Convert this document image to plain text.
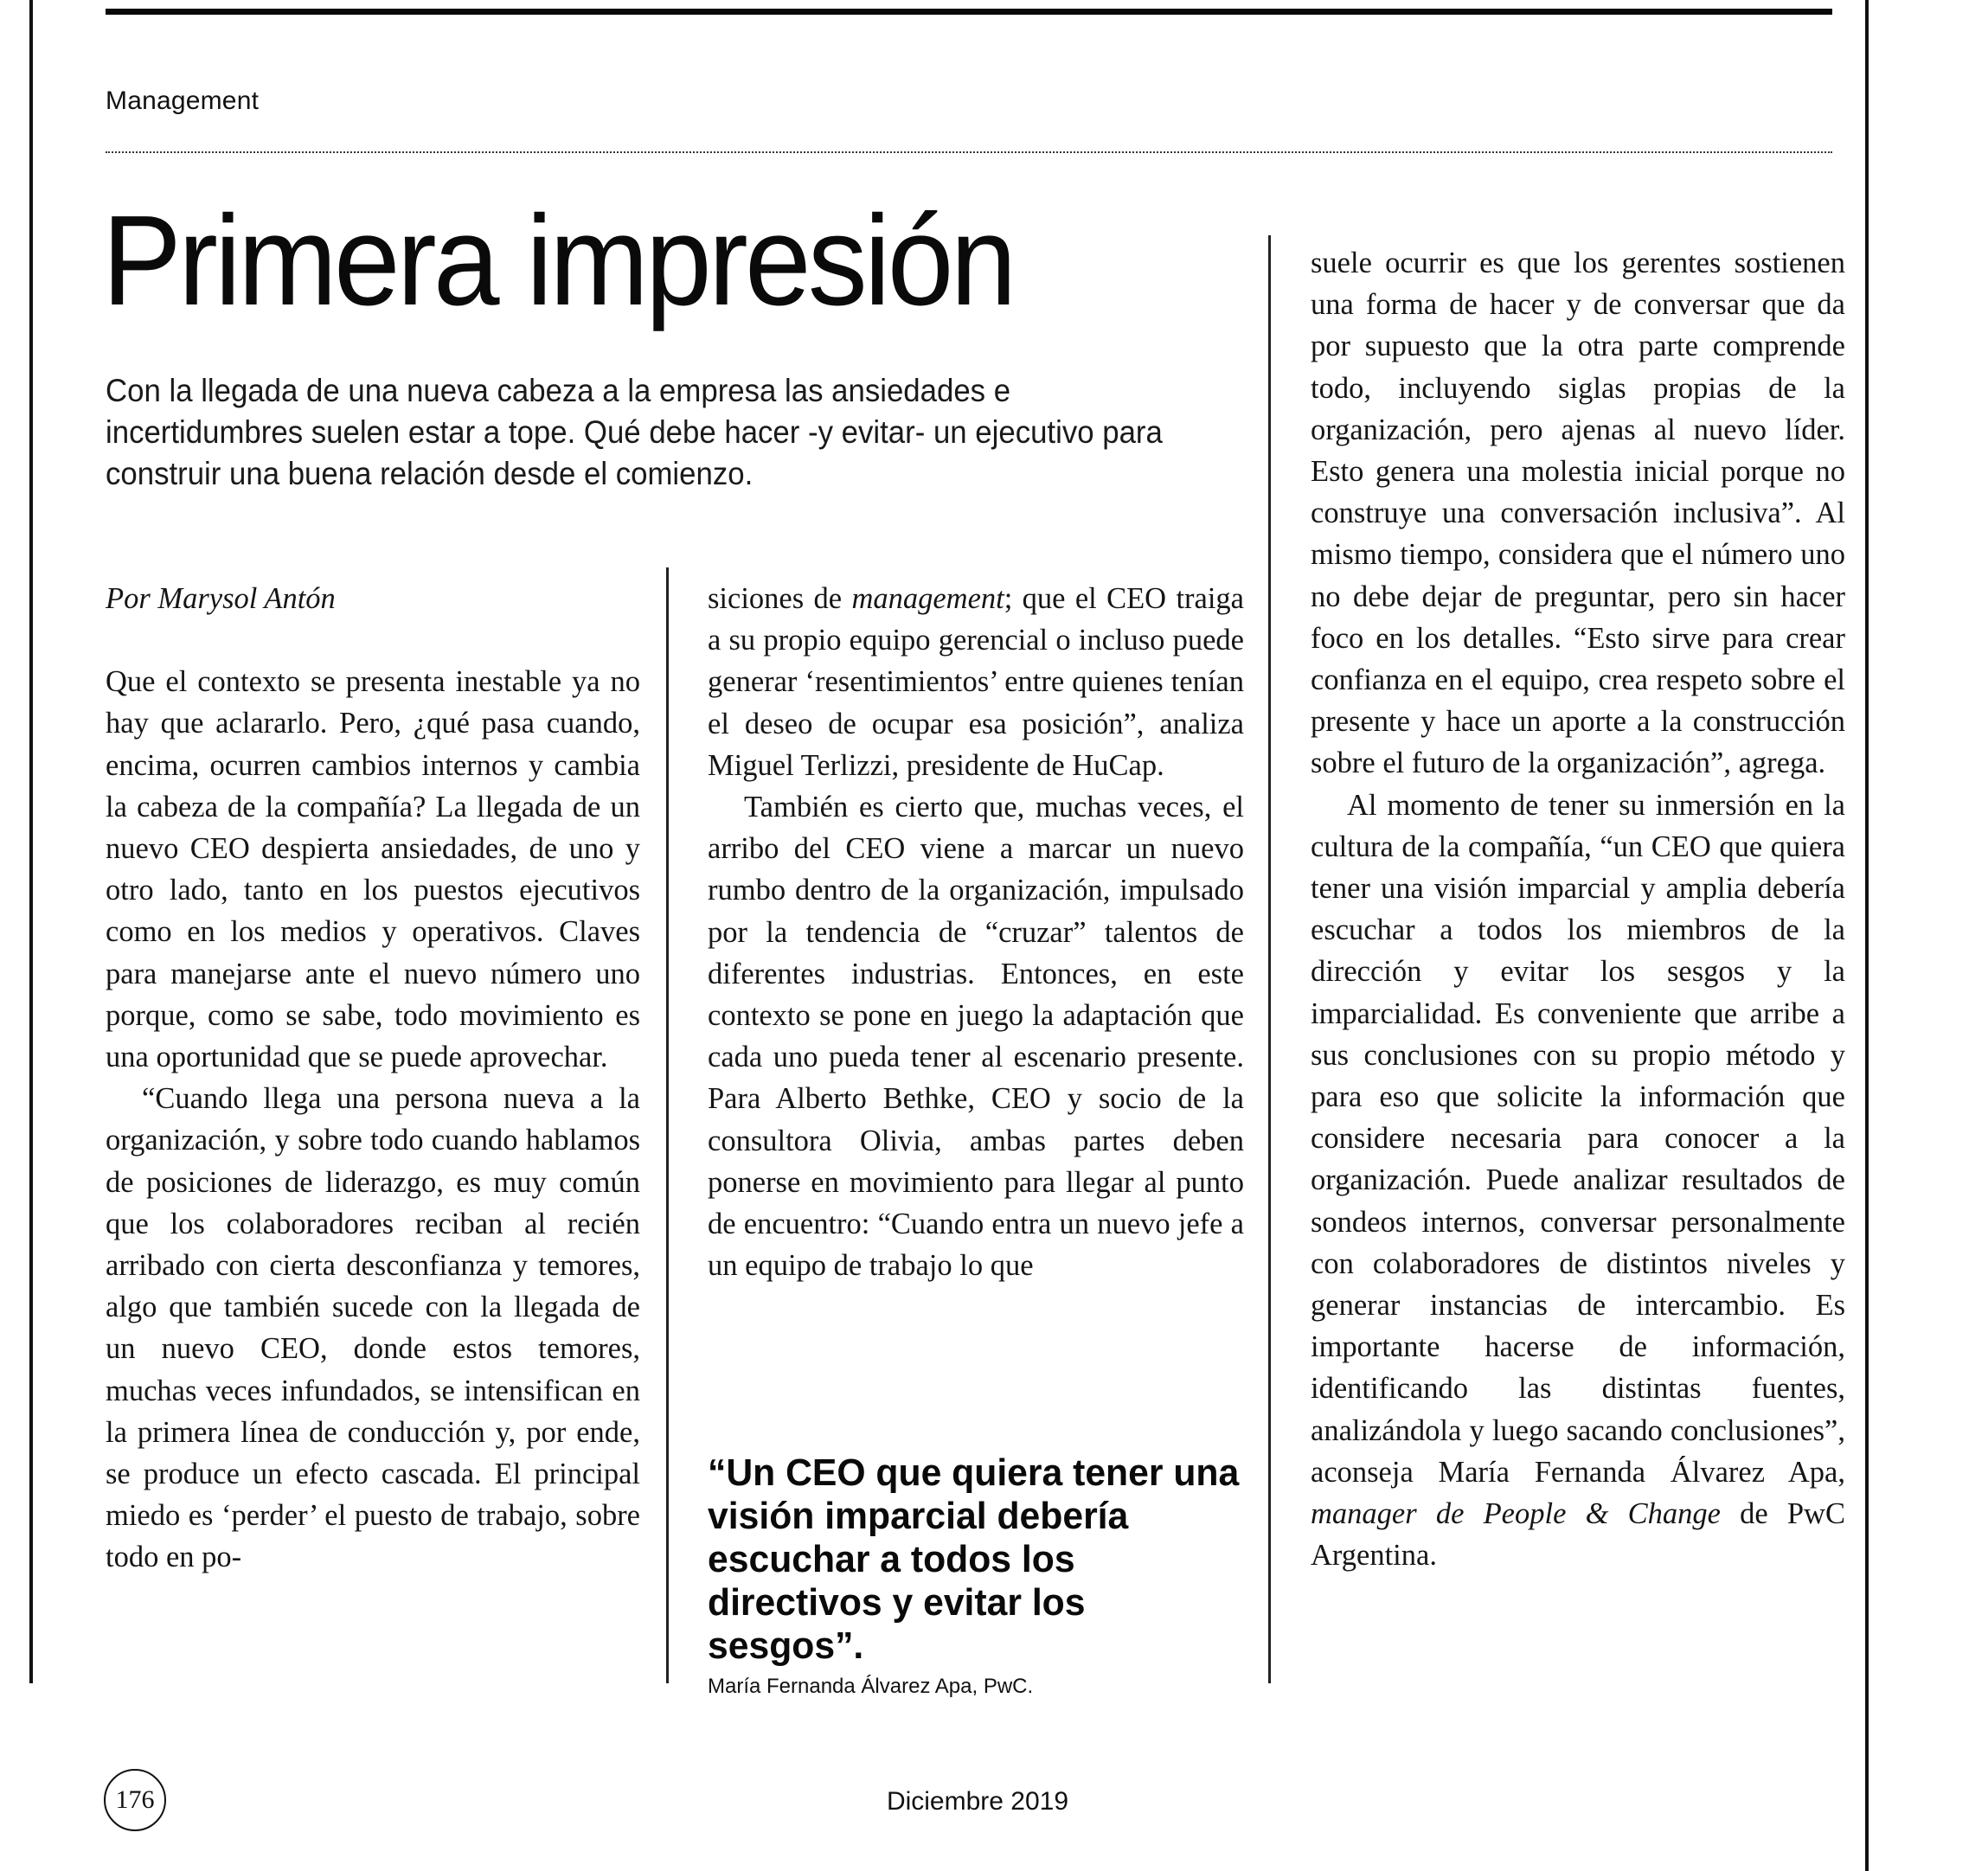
Management
Primera impresión

Con la llegada de una nueva cabeza a la empresa las ansiedades e incertidumbres suelen estar a tope. Qué debe hacer -y evitar- un ejecutivo para construir una buena relación desde el comienzo.

Por Marysol Antón

Que el contexto se presenta inestable ya no hay que aclararlo. Pero, ¿qué pasa cuando, encima, ocurren cambios internos y cambia la cabeza de la compañía? La llegada de un nuevo CEO despierta ansiedades, de uno y otro lado, tanto en los puestos ejecutivos como en los medios y operativos. Claves para manejarse ante el nuevo número uno porque, como se sabe, todo movimiento es una oportunidad que se puede aprovechar.

“Cuando llega una persona nueva a la organización, y sobre todo cuando hablamos de posiciones de liderazgo, es muy común que los colaboradores reciban al recién arribado con cierta desconfianza y temores, algo que también sucede con la llegada de un nuevo CEO, donde estos temores, muchas veces infundados, se intensifican en la primera línea de conducción y, por ende, se produce un efecto cascada. El principal miedo es ‘perder’ el puesto de trabajo, sobre todo en po-

siciones de management; que el CEO traiga a su propio equipo gerencial o incluso puede generar ‘resentimientos’ entre quienes tenían el deseo de ocupar esa posición”, analiza Miguel Terlizzi, presidente de HuCap.

También es cierto que, muchas veces, el arribo del CEO viene a marcar un nuevo rumbo dentro de la organización, impulsado por la tendencia de “cruzar” talentos de diferentes industrias. Entonces, en este contexto se pone en juego la adaptación que cada uno pueda tener al escenario presente. Para Alberto Bethke, CEO y socio de la consultora Olivia, ambas partes deben ponerse en movimiento para llegar al punto de encuentro: “Cuando entra un nuevo jefe a un equipo de trabajo lo que

“Un CEO que quiera tener una visión imparcial debería escuchar a todos los directivos y evitar los sesgos”.

María Fernanda Álvarez Apa, PwC.

suele ocurrir es que los gerentes sostienen una forma de hacer y de conversar que da por supuesto que la otra parte comprende todo, incluyendo siglas propias de la organización, pero ajenas al nuevo líder. Esto genera una molestia inicial porque no construye una conversación inclusiva”. Al mismo tiempo, considera que el número uno no debe dejar de preguntar, pero sin hacer foco en los detalles. “Esto sirve para crear confianza en el equipo, crea respeto sobre el presente y hace un aporte a la construcción sobre el futuro de la organización”, agrega.

Al momento de tener su inmersión en la cultura de la compañía, “un CEO que quiera tener una visión imparcial y amplia debería escuchar a todos los miembros de la dirección y evitar los sesgos y la imparcialidad. Es conveniente que arribe a sus conclusiones con su propio método y para eso que solicite la información que considere necesaria para conocer a la organización. Puede analizar resultados de sondeos internos, conversar personalmente con colaboradores de distintos niveles y generar instancias de intercambio. Es importante hacerse de información, identificando las distintas fuentes, analizándola y luego sacando conclusiones”, aconseja María Fernanda Álvarez Apa, manager de People & Change de PwC Argentina.

176	Diciembre 2019
